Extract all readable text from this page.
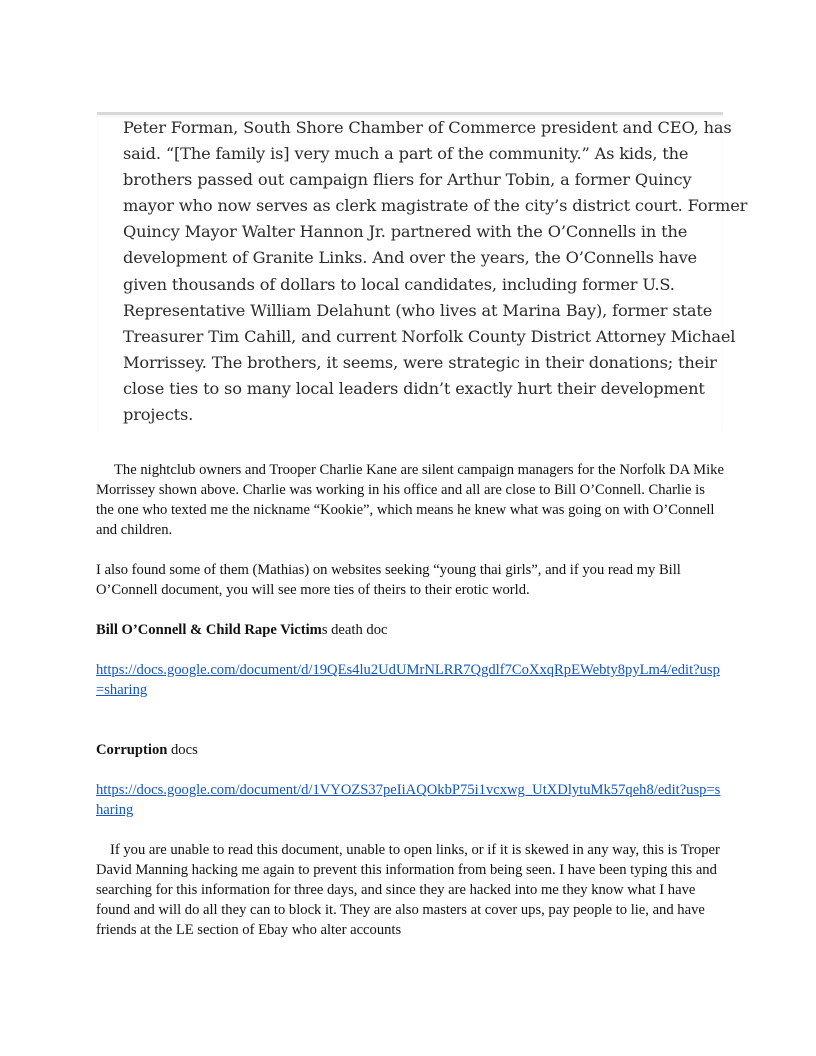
Peter Forman, South Shore Chamber of Commerce president and CEO, has
said. “[The family is] very much a part of the community.” As kids, the
brothers passed out campaign fliers for Arthur Tobin, a former Quincy
mayor who now serves as clerk magistrate of the city’s district court. Former
Quincy Mayor Walter Hannon Jr. partnered with the O’Connells in the
development of Granite Links. And over the years, the O’Connells have
given thousands of dollars to local candidates, including former U.S.
Representative William Delahunt (who lives at Marina Bay), former state
Treasurer Tim Cahill, and current Norfolk County District Attorney Michael
Morrissey. The brothers, it seems, were strategic in their donations; their
close ties to so many local leaders didn’t exactly hurt their development
projects.

The nightclub owners and Trooper Charlie Kane are silent campaign managers for the Norfolk DA Mike Morrissey shown above. Charlie was working in his office and all are close to Bill O’Connell. Charlie is the one who texted me the nickname “Kookie”, which means he knew what was going on with O’Connell and children.

I also found some of them (Mathias) on websites seeking “young thai girls”, and if you read my Bill O’Connell document, you will see more ties of theirs to their erotic world.

Bill O’Connell & Child Rape Victims death doc

https://docs.google.com/document/d/19QEs4lu2UdUMrNLRR7Qgdlf7CoXxqRpEWebty8pyLm4/edit?usp=sharing

Corruption docs

https://docs.google.com/document/d/1VYOZS37peIiAQOkbP75i1vcxwg_UtXDlytuMk57qeh8/edit?usp=sharing

If you are unable to read this document, unable to open links, or if it is skewed in any way, this is Troper David Manning hacking me again to prevent this information from being seen. I have been typing this and searching for this information for three days, and since they are hacked into me they know what I have found and will do all they can to block it. They are also masters at cover ups, pay people to lie, and have friends at the LE section of Ebay who alter accounts
